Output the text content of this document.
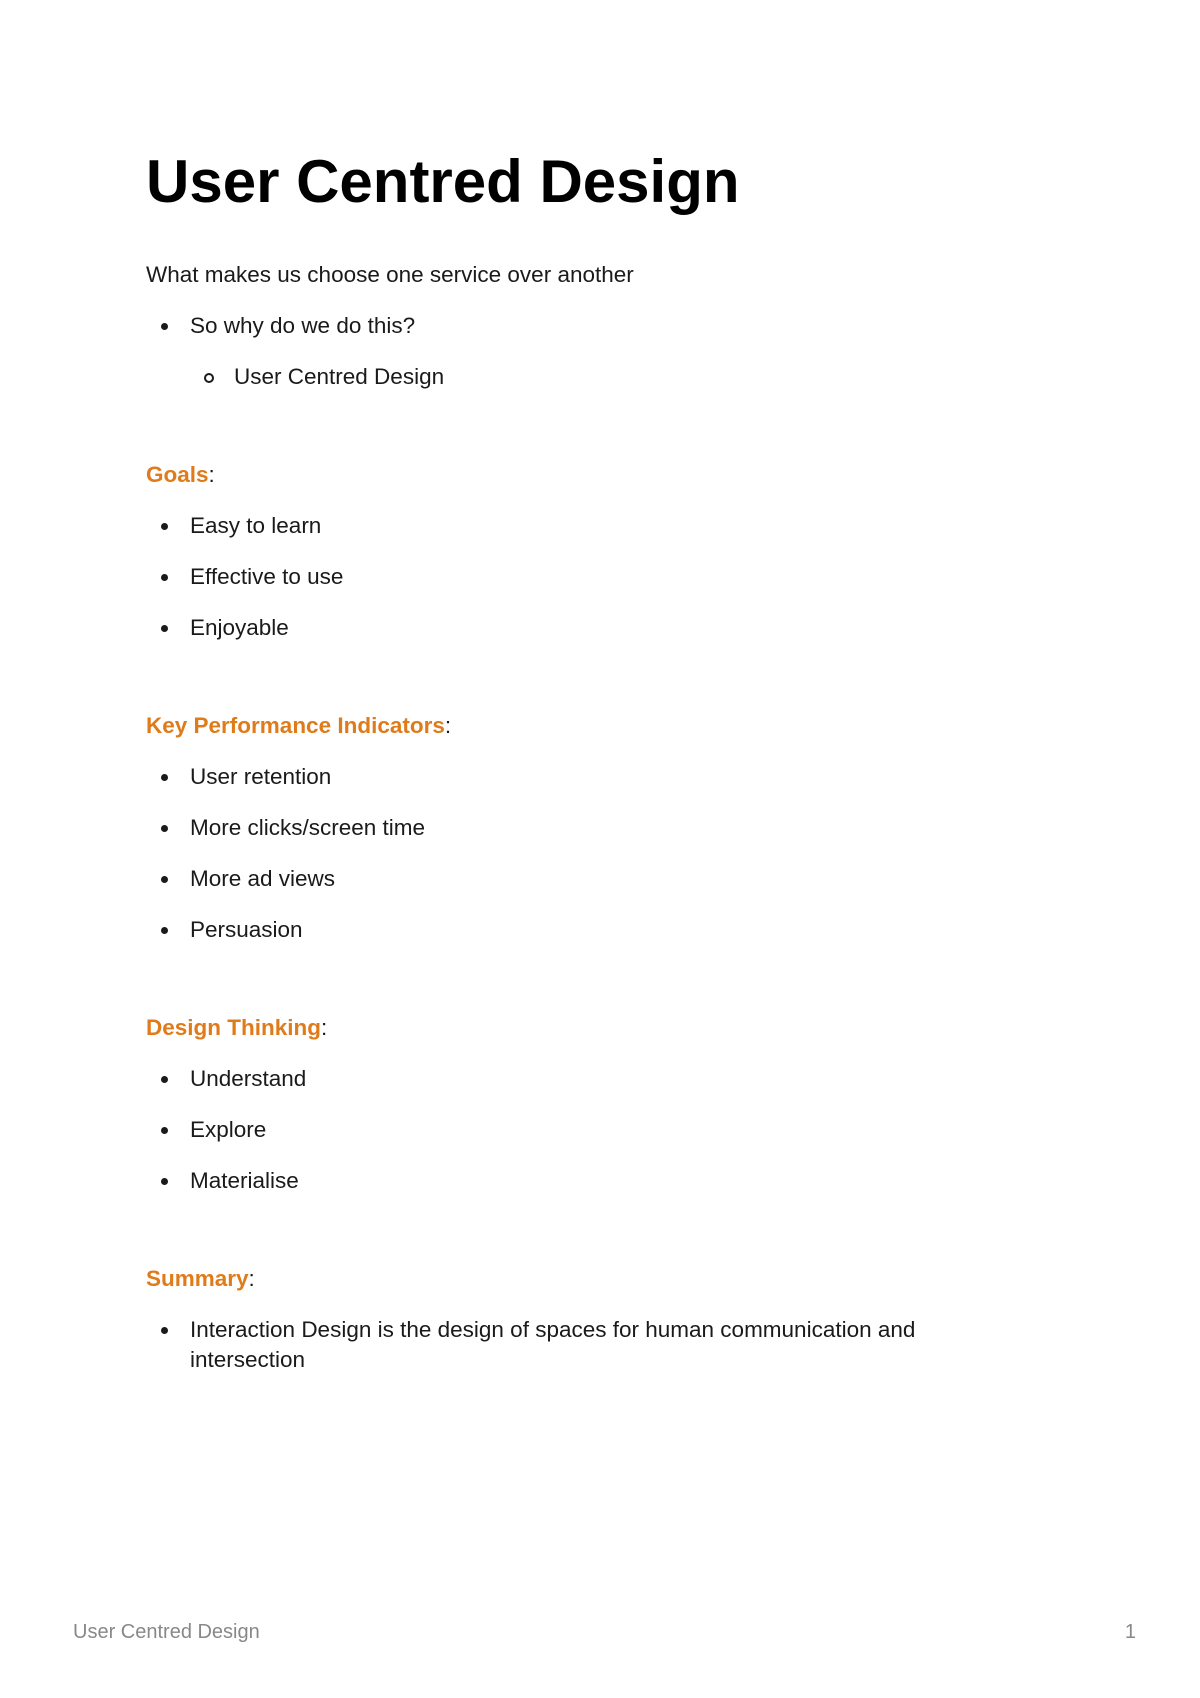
User Centred Design

What makes us choose one service over another

So why do we do this?
User Centred Design
Goals:
Easy to learn
Effective to use
Enjoyable
Key Performance Indicators:
User retention
More clicks/screen time
More ad views
Persuasion
Design Thinking:
Understand
Explore
Materialise
Summary:
Interaction Design is the design of spaces for human communication and intersection
User Centred Design	1
